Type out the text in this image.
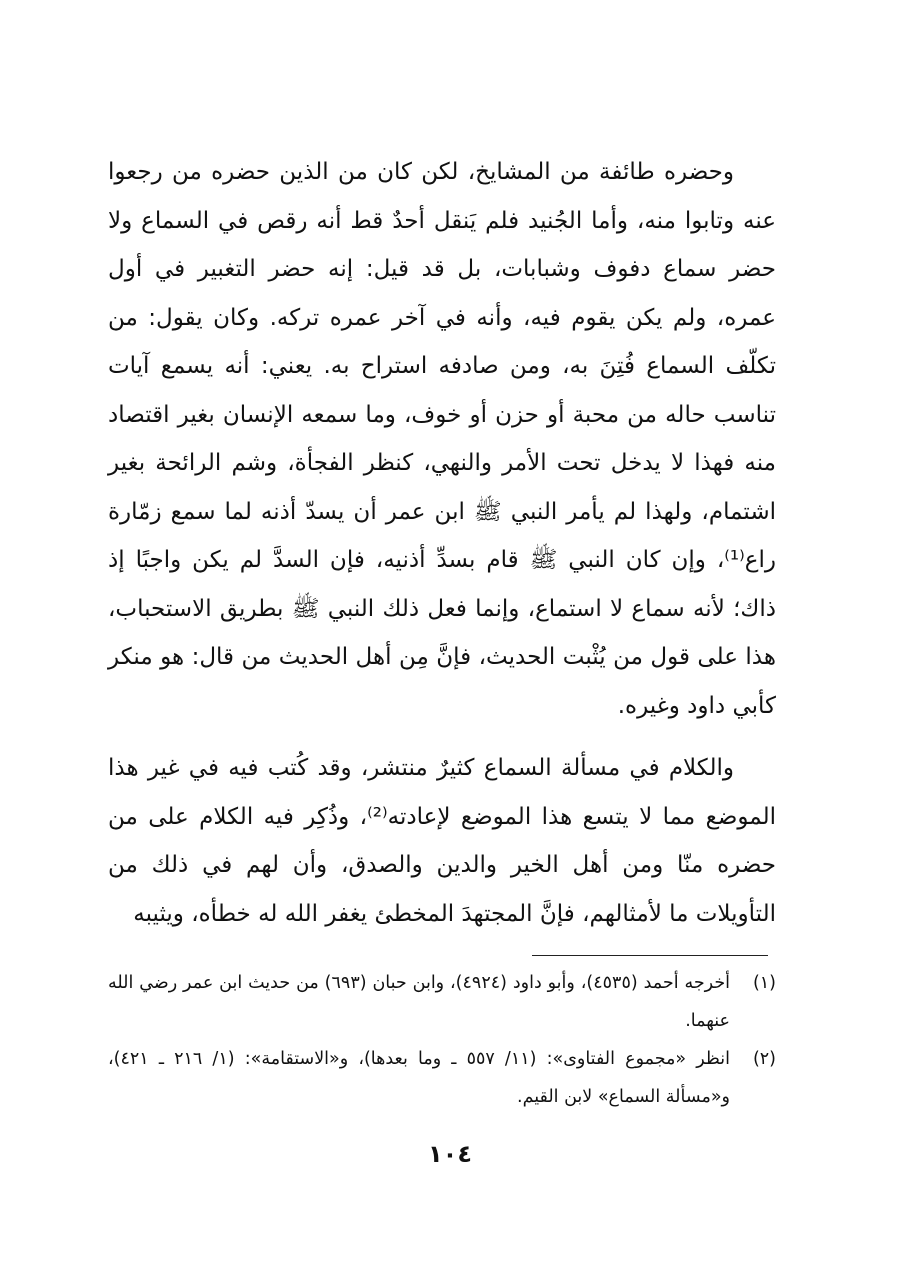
وحضره طائفة من المشايخ، لكن كان من الذين حضره من رجعوا عنه وتابوا منه، وأما الجُنيد فلم يَنقل أحدٌ قط أنه رقص في السماع ولا حضر سماع دفوف وشبابات، بل قد قيل: إنه حضر التغبير في أول عمره، ولم يكن يقوم فيه، وأنه في آخر عمره تركه. وكان يقول: من تكلّف السماع فُتِنَ به، ومن صادفه استراح به. يعني: أنه يسمع آيات تناسب حاله من محبة أو حزن أو خوف، وما سمعه الإنسان بغير اقتصاد منه فهذا لا يدخل تحت الأمر والنهي، كنظر الفجأة، وشم الرائحة بغير اشتمام، ولهذا لم يأمر النبي ﷺ ابن عمر أن يسدّ أذنه لما سمع زمّارة راع⁽¹⁾، وإن كان النبي ﷺ قام بسدِّ أذنيه، فإن السدَّ لم يكن واجبًا إذ ذاك؛ لأنه سماع لا استماع، وإنما فعل ذلك النبي ﷺ بطريق الاستحباب، هذا على قول من يُثْبت الحديث، فإنَّ مِن أهل الحديث من قال: هو منكر كأبي داود وغيره.

والكلام في مسألة السماع كثيرٌ منتشر، وقد كُتب فيه في غير هذا الموضع مما لا يتسع هذا الموضع لإعادته⁽²⁾، وذُكِر فيه الكلام على من حضره منّا ومن أهل الخير والدين والصدق، وأن لهم في ذلك من التأويلات ما لأمثالهم، فإنَّ المجتهدَ المخطئ يغفر الله له خطأه، ويثيبه

(١)
أخرجه أحمد (٤٥٣٥)، وأبو داود (٤٩٢٤)، وابن حبان (٦٩٣) من حديث ابن عمر رضي الله عنهما.
(٢)
انظر «مجموع الفتاوى»: (١١/ ٥٥٧ ـ وما بعدها)، و«الاستقامة»: (١/ ٢١٦ ـ ٤٢١)، و«مسألة السماع» لابن القيم.
١٠٤
